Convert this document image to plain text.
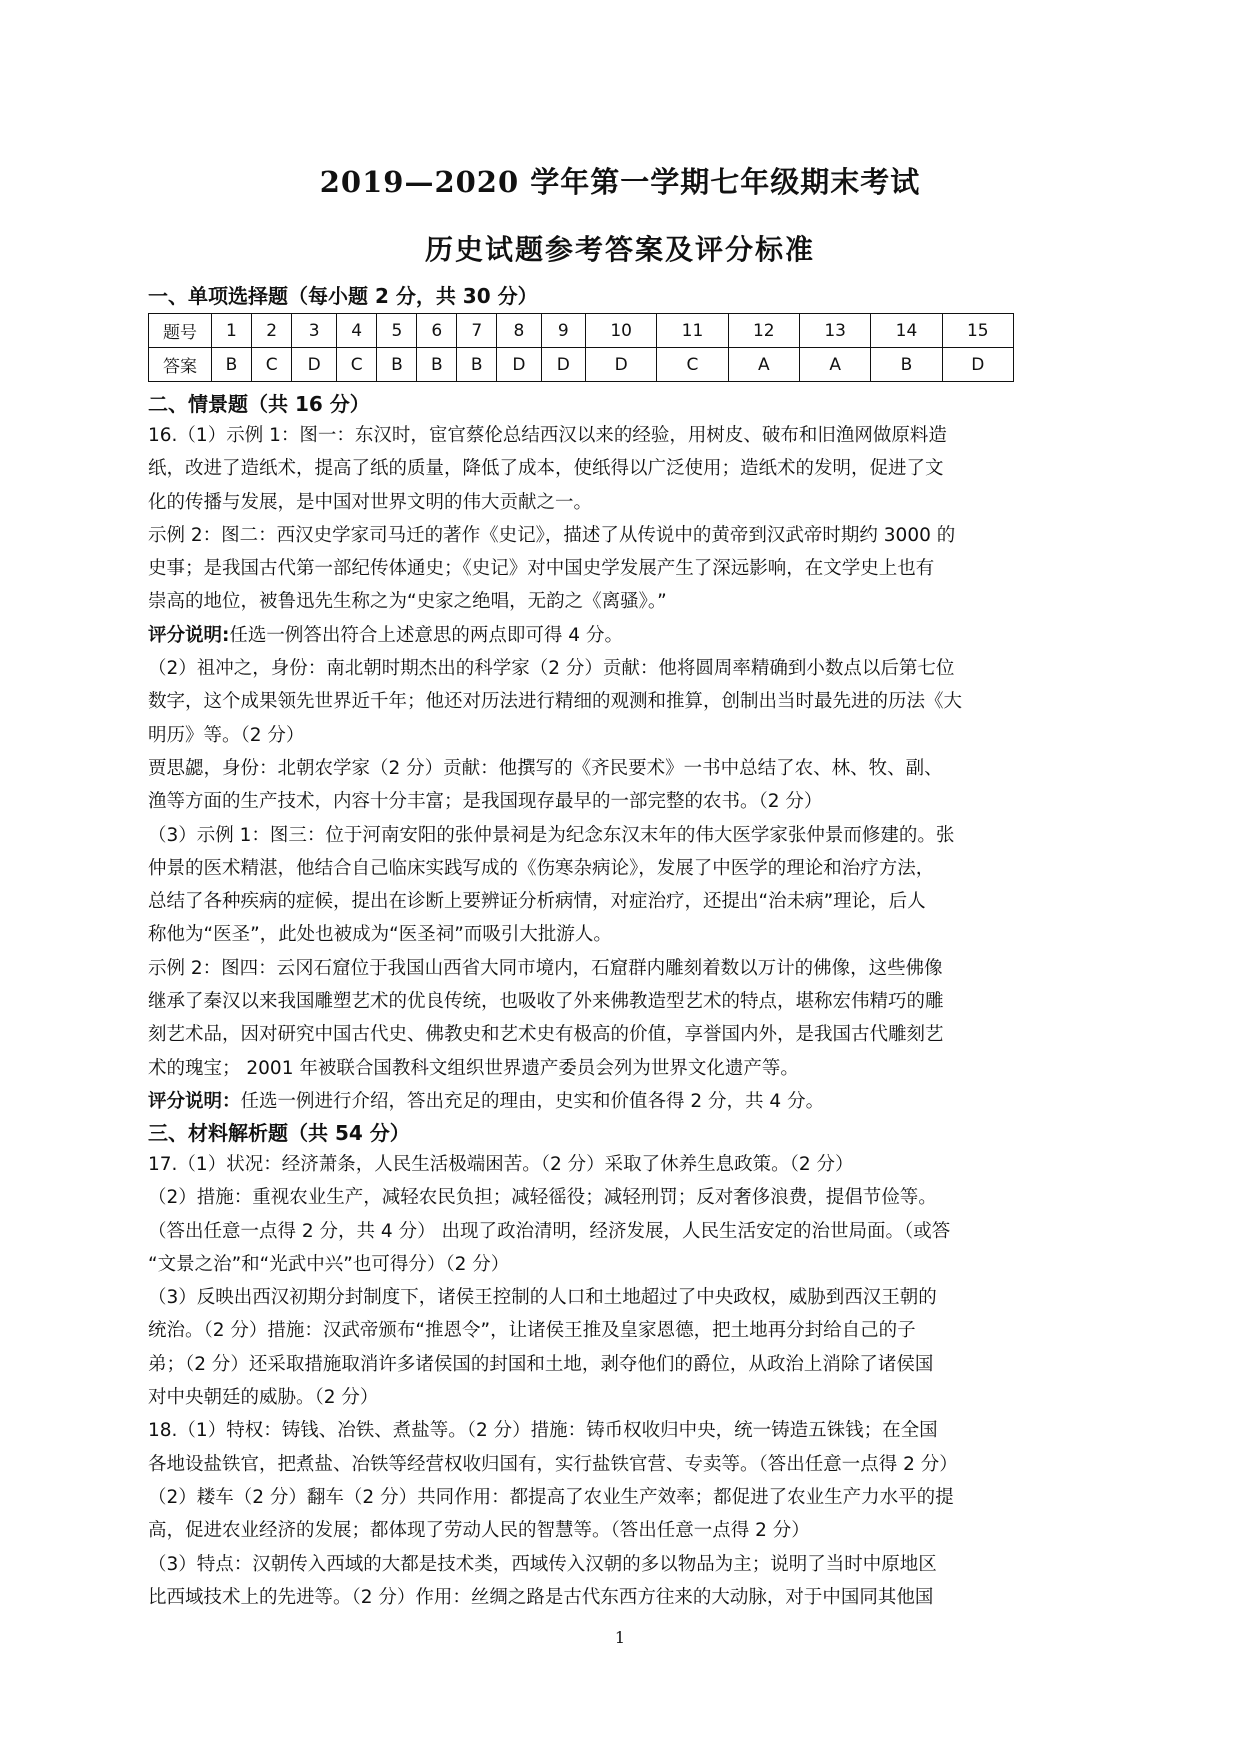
2019—2020 学年第一学期七年级期末考试
历史试题参考答案及评分标准
一、单项选择题（每小题 2 分，共 30 分）
题号	1	2	3	4	5	6	7	8	9	10	11	12	13	14	15
答案	B	C	D	C	B	B	B	D	D	D	C	A	A	B	D
二、情景题（共 16 分）

16.（1）示例 1：图一：东汉时，宦官蔡伦总结西汉以来的经验，用树皮、破布和旧渔网做原料造

纸，改进了造纸术，提高了纸的质量，降低了成本，使纸得以广泛使用；造纸术的发明，促进了文

化的传播与发展，是中国对世界文明的伟大贡献之一。

示例 2：图二：西汉史学家司马迁的著作《史记》，描述了从传说中的黄帝到汉武帝时期约 3000 的

史事；是我国古代第一部纪传体通史；《史记》对中国史学发展产生了深远影响，在文学史上也有

崇高的地位，被鲁迅先生称之为“史家之绝唱，无韵之《离骚》。”

评分说明:任选一例答出符合上述意思的两点即可得 4 分。

（2）祖冲之，身份：南北朝时期杰出的科学家（2 分）贡献：他将圆周率精确到小数点以后第七位

数字，这个成果领先世界近千年；他还对历法进行精细的观测和推算，创制出当时最先进的历法《大

明历》等。（2 分）

贾思勰，身份：北朝农学家（2 分）贡献：他撰写的《齐民要术》一书中总结了农、林、牧、副、

渔等方面的生产技术，内容十分丰富；是我国现存最早的一部完整的农书。（2 分）

（3）示例 1：图三：位于河南安阳的张仲景祠是为纪念东汉末年的伟大医学家张仲景而修建的。张

仲景的医术精湛，他结合自己临床实践写成的《伤寒杂病论》，发展了中医学的理论和治疗方法，

总结了各种疾病的症候，提出在诊断上要辨证分析病情，对症治疗，还提出“治未病”理论，后人

称他为“医圣”，此处也被成为“医圣祠”而吸引大批游人。

示例 2：图四：云冈石窟位于我国山西省大同市境内，石窟群内雕刻着数以万计的佛像，这些佛像

继承了秦汉以来我国雕塑艺术的优良传统，也吸收了外来佛教造型艺术的特点，堪称宏伟精巧的雕

刻艺术品，因对研究中国古代史、佛教史和艺术史有极高的价值，享誉国内外，是我国古代雕刻艺

术的瑰宝； 2001 年被联合国教科文组织世界遗产委员会列为世界文化遗产等。

评分说明：任选一例进行介绍，答出充足的理由，史实和价值各得 2 分，共 4 分。

三、材料解析题（共 54 分）

17.（1）状况：经济萧条，人民生活极端困苦。（2 分）采取了休养生息政策。（2 分）

（2）措施：重视农业生产，减轻农民负担；减轻徭役；减轻刑罚；反对奢侈浪费，提倡节俭等。

（答出任意一点得 2 分，共 4 分） 出现了政治清明，经济发展，人民生活安定的治世局面。（或答

“文景之治”和“光武中兴”也可得分）（2 分）

（3）反映出西汉初期分封制度下，诸侯王控制的人口和土地超过了中央政权，威胁到西汉王朝的

统治。（2 分）措施：汉武帝颁布“推恩令”，让诸侯王推及皇家恩德，把土地再分封给自己的子

弟；（2 分）还采取措施取消许多诸侯国的封国和土地，剥夺他们的爵位，从政治上消除了诸侯国

对中央朝廷的威胁。（2 分）

18.（1）特权：铸钱、冶铁、煮盐等。（2 分）措施：铸币权收归中央，统一铸造五铢钱；在全国

各地设盐铁官，把煮盐、冶铁等经营权收归国有，实行盐铁官营、专卖等。（答出任意一点得 2 分）

（2）耧车（2 分）翻车（2 分）共同作用：都提高了农业生产效率；都促进了农业生产力水平的提

高，促进农业经济的发展；都体现了劳动人民的智慧等。（答出任意一点得 2 分）

（3）特点：汉朝传入西域的大都是技术类，西域传入汉朝的多以物品为主；说明了当时中原地区

比西域技术上的先进等。（2 分）作用：丝绸之路是古代东西方往来的大动脉，对于中国同其他国

1
